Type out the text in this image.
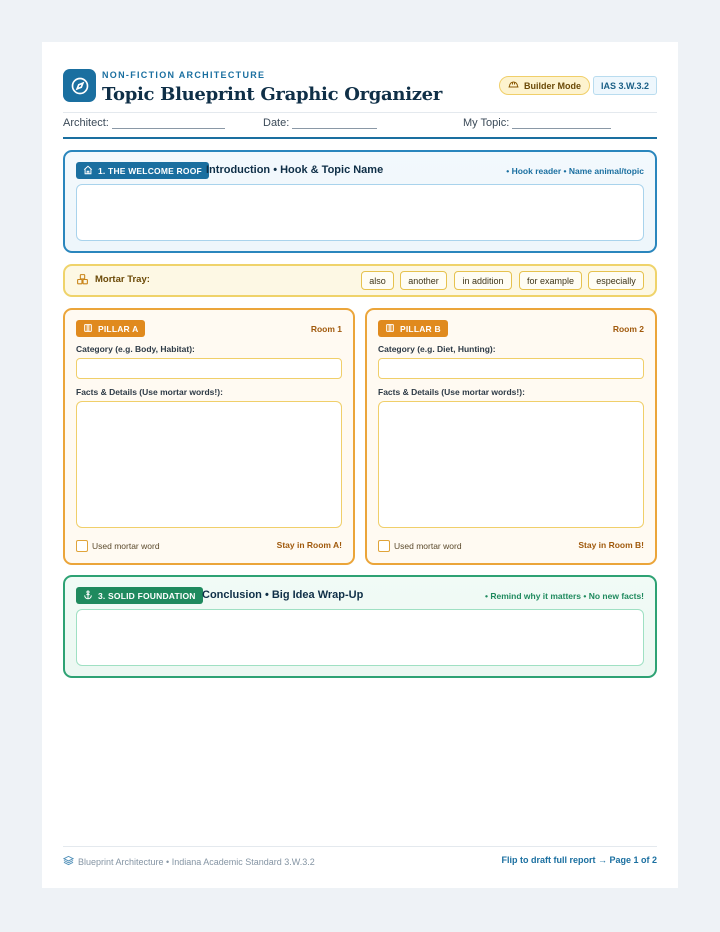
NON-FICTION ARCHITECTURE
Topic Blueprint Graphic Organizer	Builder Mode	IAS 3.W.3.2
Architect:	Date:	My Topic:
1. THE WELCOME ROOF Introduction • Hook & Topic Name	• Hook reader • Name animal/topic
Mortar Tray:	also	another	in addition	for example	especially
PILLAR A	Room 1
Category (e.g. Body, Habitat):
Facts & Details (Use mortar words!):
Used mortar word	Stay in Room A!
PILLAR B	Room 2
Category (e.g. Diet, Hunting):
Facts & Details (Use mortar words!):
Used mortar word	Stay in Room B!
3. SOLID FOUNDATION Conclusion • Big Idea Wrap-Up	• Remind why it matters • No new facts!
Blueprint Architecture • Indiana Academic Standard 3.W.3.2	Flip to draft full report → Page 1 of 2
